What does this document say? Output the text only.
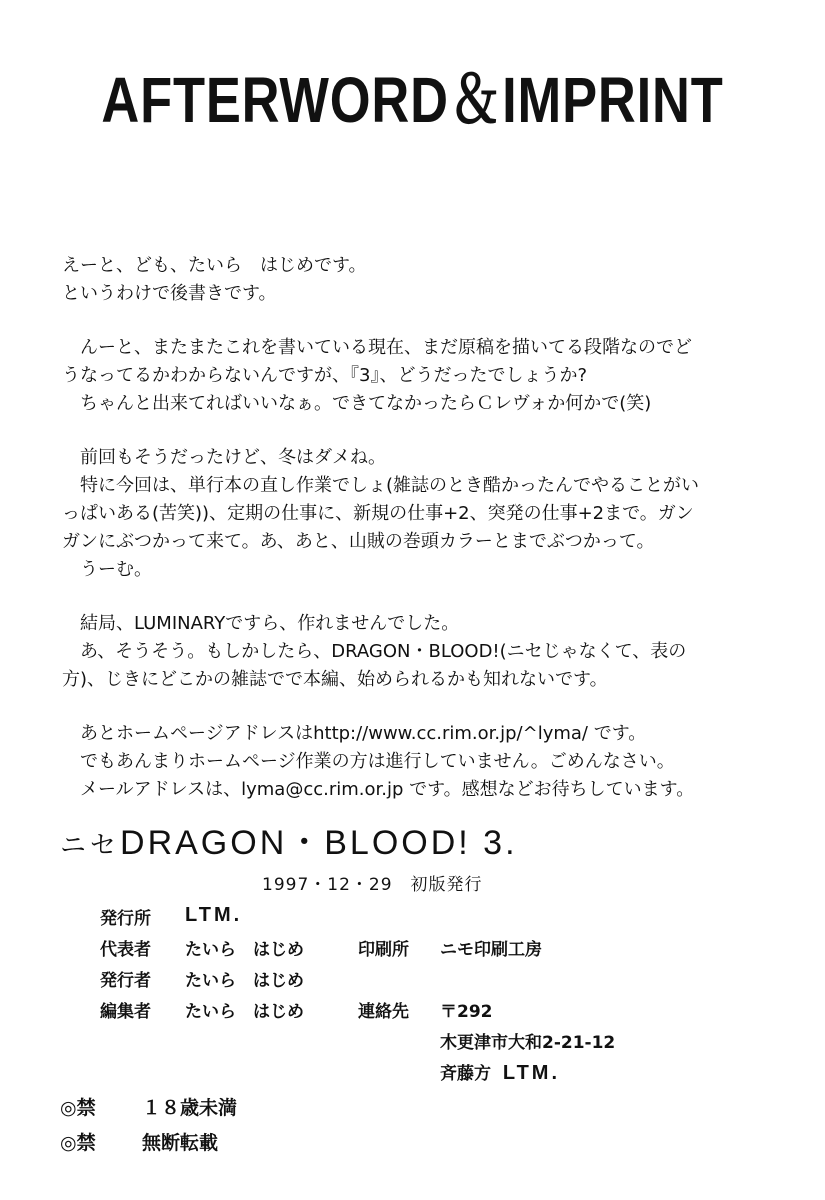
AFTERWORD＆IMPRINT

えーと、ども、たいら　はじめです。

というわけで後書きです。

んーと、またまたこれを書いている現在、まだ原稿を描いてる段階なのでど

うなってるかわからないんですが、『3』、どうだったでしょうか?

ちゃんと出来てればいいなぁ。できてなかったらＣレヴォか何かで(笑)

前回もそうだったけど、冬はダメね。

特に今回は、単行本の直し作業でしょ(雑誌のとき酷かったんでやることがい

っぱいある(苦笑))、定期の仕事に、新規の仕事+2、突発の仕事+2まで。ガン

ガンにぶつかって来て。あ、あと、山賊の巻頭カラーとまでぶつかって。

うーむ。

結局、LUMINARYですら、作れませんでした。

あ、そうそう。もしかしたら、DRAGON・BLOOD!(ニセじゃなくて、表の

方)、じきにどこかの雑誌でで本編、始められるかも知れないです。

あとホームページアドレスはhttp://www.cc.rim.or.jp/^lyma/ です。

でもあんまりホームページ作業の方は進行していません。ごめんなさい。

メールアドレスは、lyma@cc.rim.or.jp です。感想などお待ちしています。

ニセDRAGON・BLOOD! 3.
1997・12・29　初版発行
発行所 LTM.
代表者 たいら　はじめ	印刷所 ニモ印刷工房
発行者 たいら　はじめ
編集者 たいら　はじめ	連絡先 〒292
木更津市大和2-21-12
斉藤方 LTM.
◎禁 １８歳未満
◎禁 無断転載
